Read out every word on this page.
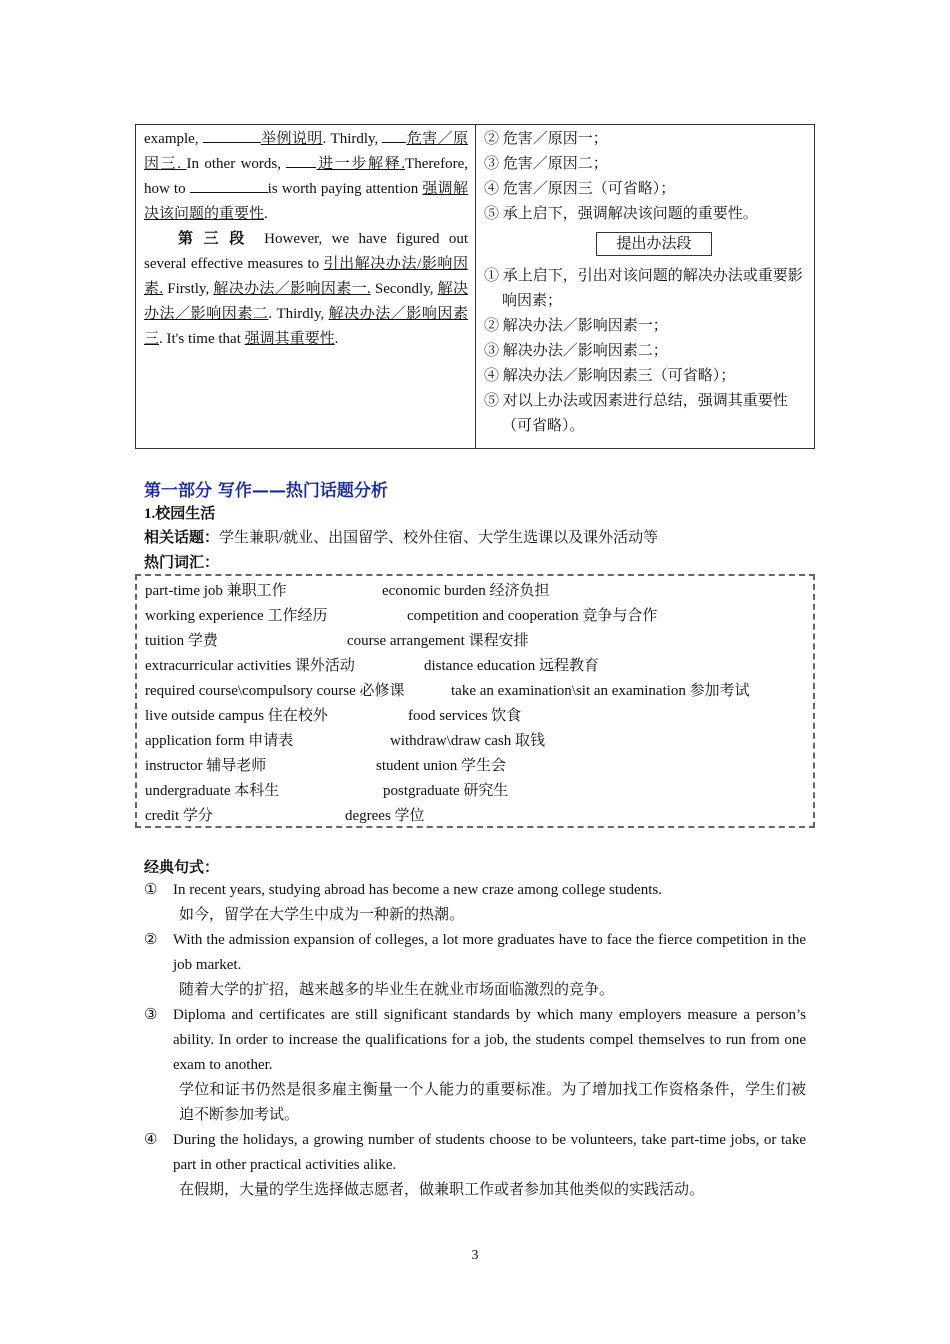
example,	举例说明. Thirdly, 危害／原因三. In other words, 进一步解释.Therefore, how to	is worth paying attention 强调解决该问题的重要性.
第三段 However, we have figured out several effective measures to 引出解决办法/影响因素. Firstly, 解决办法／影响因素一. Secondly, 解决办法／影响因素二. Thirdly, 解决办法／影响因素三. It's time that 强调其重要性.
② 危害／原因一；
③ 危害／原因二；
④ 危害／原因三（可省略）；
⑤ 承上启下，强调解决该问题的重要性。
提出办法段
① 承上启下，引出对该问题的解决办法或重要影响因素；
② 解决办法／影响因素一；
③ 解决办法／影响因素二；
④ 解决办法／影响因素三（可省略）；
⑤ 对以上办法或因素进行总结，强调其重要性（可省略）。
第一部分 写作——热门话题分析
1.校园生活
相关话题：学生兼职/就业、出国留学、校外住宿、大学生选课以及课外活动等
热门词汇：
part-time job 兼职工作	economic burden 经济负担
working experience 工作经历	competition and cooperation 竞争与合作
tuition 学费	course arrangement 课程安排
extracurricular activities 课外活动	distance education 远程教育
required course\compulsory course 必修课	take an examination\sit an examination 参加考试
live outside campus 住在校外	food services 饮食
application form 申请表	withdraw\draw cash 取钱
instructor 辅导老师	student union 学生会
undergraduate 本科生	postgraduate 研究生
credit 学分	degrees 学位
经典句式：
① In recent years, studying abroad has become a new craze among college students.
如今，留学在大学生中成为一种新的热潮。
② With the admission expansion of colleges, a lot more graduates have to face the fierce competition in the job market.
随着大学的扩招，越来越多的毕业生在就业市场面临激烈的竞争。
③ Diploma and certificates are still significant standards by which many employers measure a person’s ability. In order to increase the qualifications for a job, the students compel themselves to run from one exam to another.
学位和证书仍然是很多雇主衡量一个人能力的重要标准。为了增加找工作资格条件，学生们被迫不断参加考试。
④ During the holidays, a growing number of students choose to be volunteers, take part-time jobs, or take part in other practical activities alike.
在假期，大量的学生选择做志愿者，做兼职工作或者参加其他类似的实践活动。
3
